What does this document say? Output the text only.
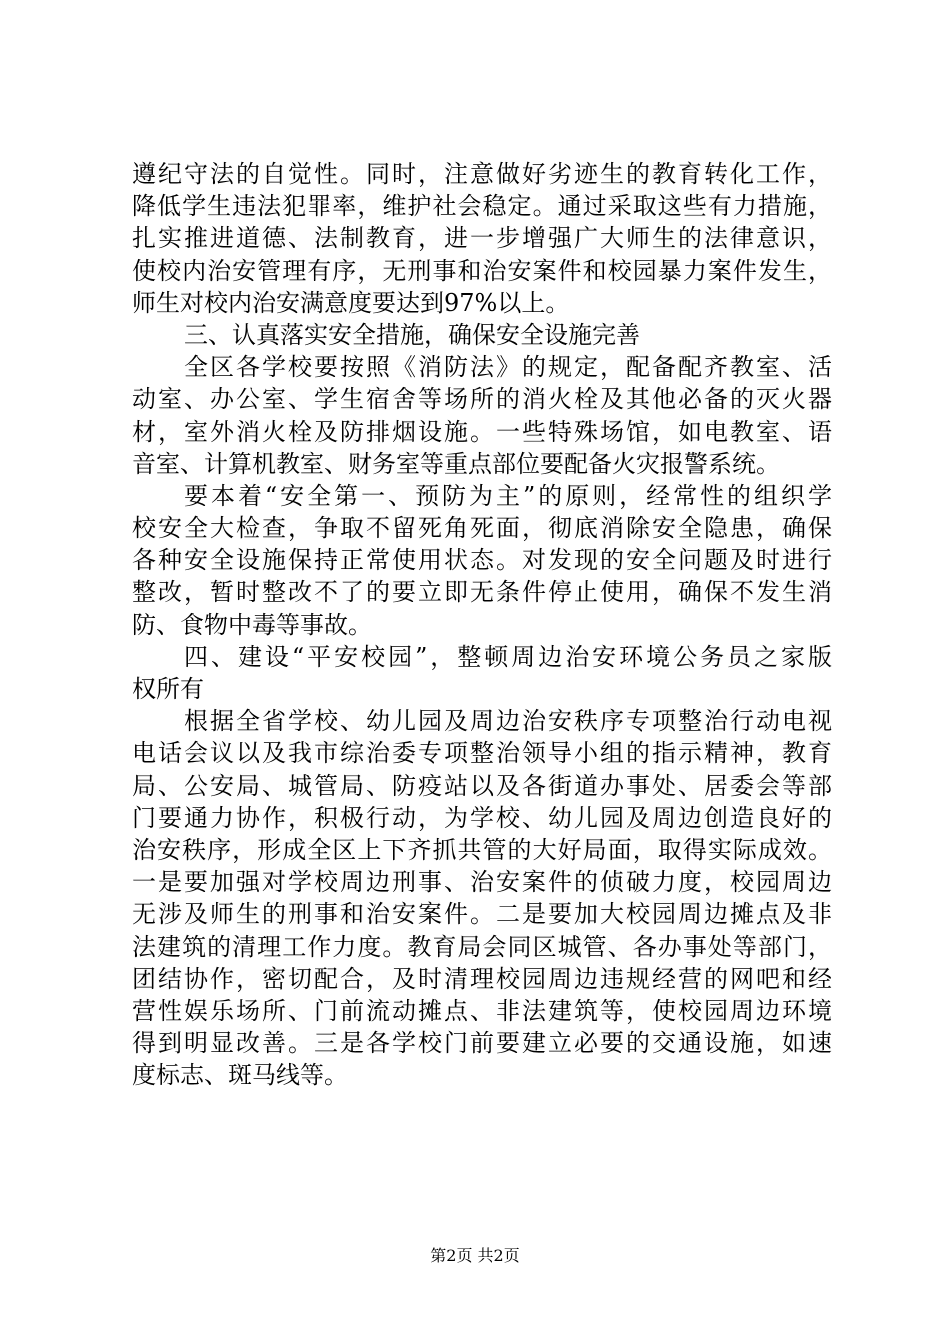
遵纪守法的自觉性。同时，注意做好劣迹生的教育转化工作，
降低学生违法犯罪率，维护社会稳定。通过采取这些有力措施，
扎实推进道德、法制教育，进一步增强广大师生的法律意识，
使校内治安管理有序，无刑事和治安案件和校园暴力案件发生，
师生对校内治安满意度要达到97%以上。
三、认真落实安全措施，确保安全设施完善
全区各学校要按照《消防法》的规定，配备配齐教室、活
动室、办公室、学生宿舍等场所的消火栓及其他必备的灭火器
材，室外消火栓及防排烟设施。一些特殊场馆，如电教室、语
音室、计算机教室、财务室等重点部位要配备火灾报警系统。
要本着“安全第一、预防为主”的原则，经常性的组织学
校安全大检查，争取不留死角死面，彻底消除安全隐患，确保
各种安全设施保持正常使用状态。对发现的安全问题及时进行
整改，暂时整改不了的要立即无条件停止使用，确保不发生消
防、食物中毒等事故。
四、建设“平安校园”，整顿周边治安环境公务员之家版
权所有
根据全省学校、幼儿园及周边治安秩序专项整治行动电视
电话会议以及我市综治委专项整治领导小组的指示精神，教育
局、公安局、城管局、防疫站以及各街道办事处、居委会等部
门要通力协作，积极行动，为学校、幼儿园及周边创造良好的
治安秩序，形成全区上下齐抓共管的大好局面，取得实际成效。
一是要加强对学校周边刑事、治安案件的侦破力度，校园周边
无涉及师生的刑事和治安案件。二是要加大校园周边摊点及非
法建筑的清理工作力度。教育局会同区城管、各办事处等部门，
团结协作，密切配合，及时清理校园周边违规经营的网吧和经
营性娱乐场所、门前流动摊点、非法建筑等，使校园周边环境
得到明显改善。三是各学校门前要建立必要的交通设施，如速
度标志、斑马线等。
第2页 共2页
